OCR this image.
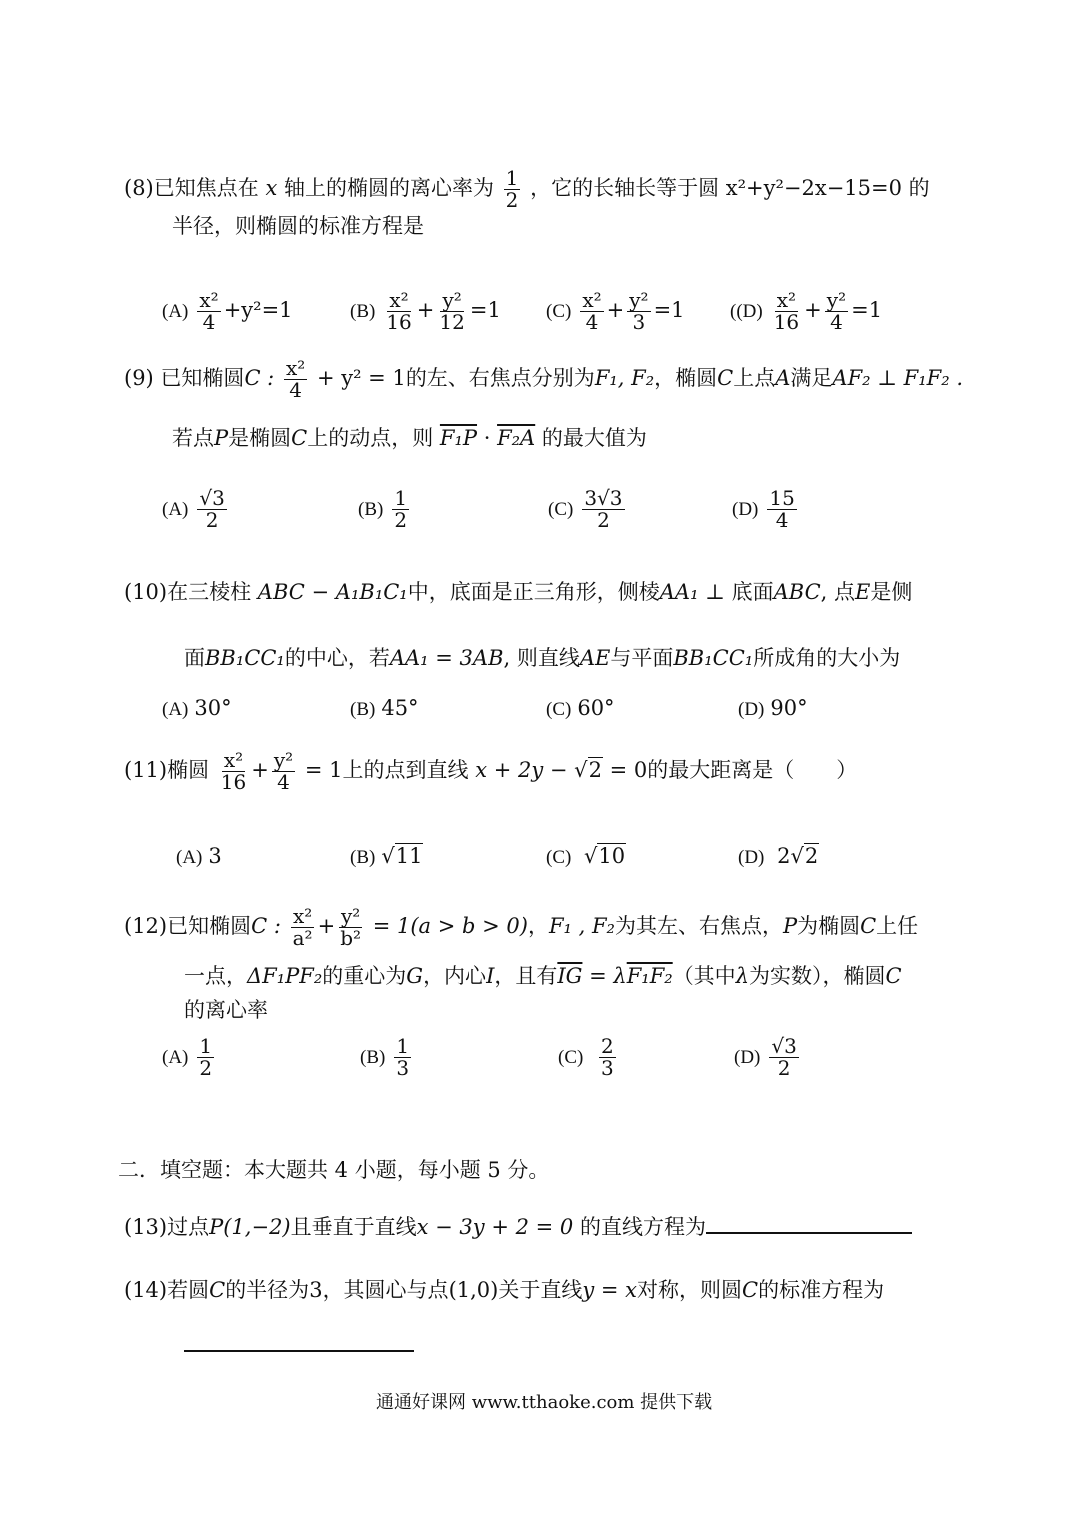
(8)已知焦点在 x 轴上的椭圆的离心率为 $\frac{1}{2}$ ，它的长轴长等于圆 x²+y²−2x−15=0 的
半径，则椭圆的标准方程是
$(A) \frac{\text{x²}}{4} +y^2=1$	$(B) \frac{\text{x²}}{16} + \frac{\text{y²}}{12} =1$ $(C) \frac{\text{x²}}{4} + \frac{\text{y²}}{3} =1$ ($(D) \frac{\text{x²}}{16} + \frac{\text{y²}}{4} =1$
(9) 已知椭圆C : $\frac{\text{x²}}{4} + y^2 = 1$的左、右焦点分别为F₁, F₂，椭圆C上点A满足AF₂ ⊥ F₁F₂ .
若点P是椭圆C上的动点，则 F₁P · F₂A 的最大值为
$(A) \frac{√3}{2}$	$(B) \frac{1}{2}$	$(C) \frac{3√3}{2}$	$(D) \frac{15}{4}$
(10)在三棱柱 ABC − A₁B₁C₁中，底面是正三角形，侧棱AA₁ ⊥ 底面ABC, 点E是侧
面BB₁CC₁的中心，若AA₁ = 3AB, 则直线AE与平面BB₁CC₁所成角的大小为
(A) 30°	(B) 45°	(C) 60°	(D) 90°
(11)椭圆 $\frac{\text{x²}}{16} + \frac{\text{y²}}{4} = 1$上的点到直线 x + 2y − √2 = 0的最大距离是（　　）
(A) 3	(B) √11	(C) √10	(D) 2√2
(12)已知椭圆C : $\frac{\text{x²}}{\text{a²}} + \frac{\text{y²}}{\text{b²}} = 1(a > b > 0)$，F₁ , F₂为其左、右焦点，P为椭圆C上任
一点，ΔF₁PF₂的重心为G，内心I，且有$\overline{IG} = \lambda F_1F_2$（其中λ为实数），椭圆C
的离心率
$(A) \frac{1}{2}$	$(B) \frac{1}{3}$	$(C) \frac{2}{3}$	$(D) \frac{√3}{2}$
二．填空题：本大题共 4 小题，每小题 5 分。
(13)过点P(1,−2)且垂直于直线x − 3y + 2 = 0 的直线方程为
(14)若圆C的半径为3，其圆心与点(1,0)关于直线y = x对称，则圆C的标准方程为
通通好课网 www.tthaoke.com 提供下载
